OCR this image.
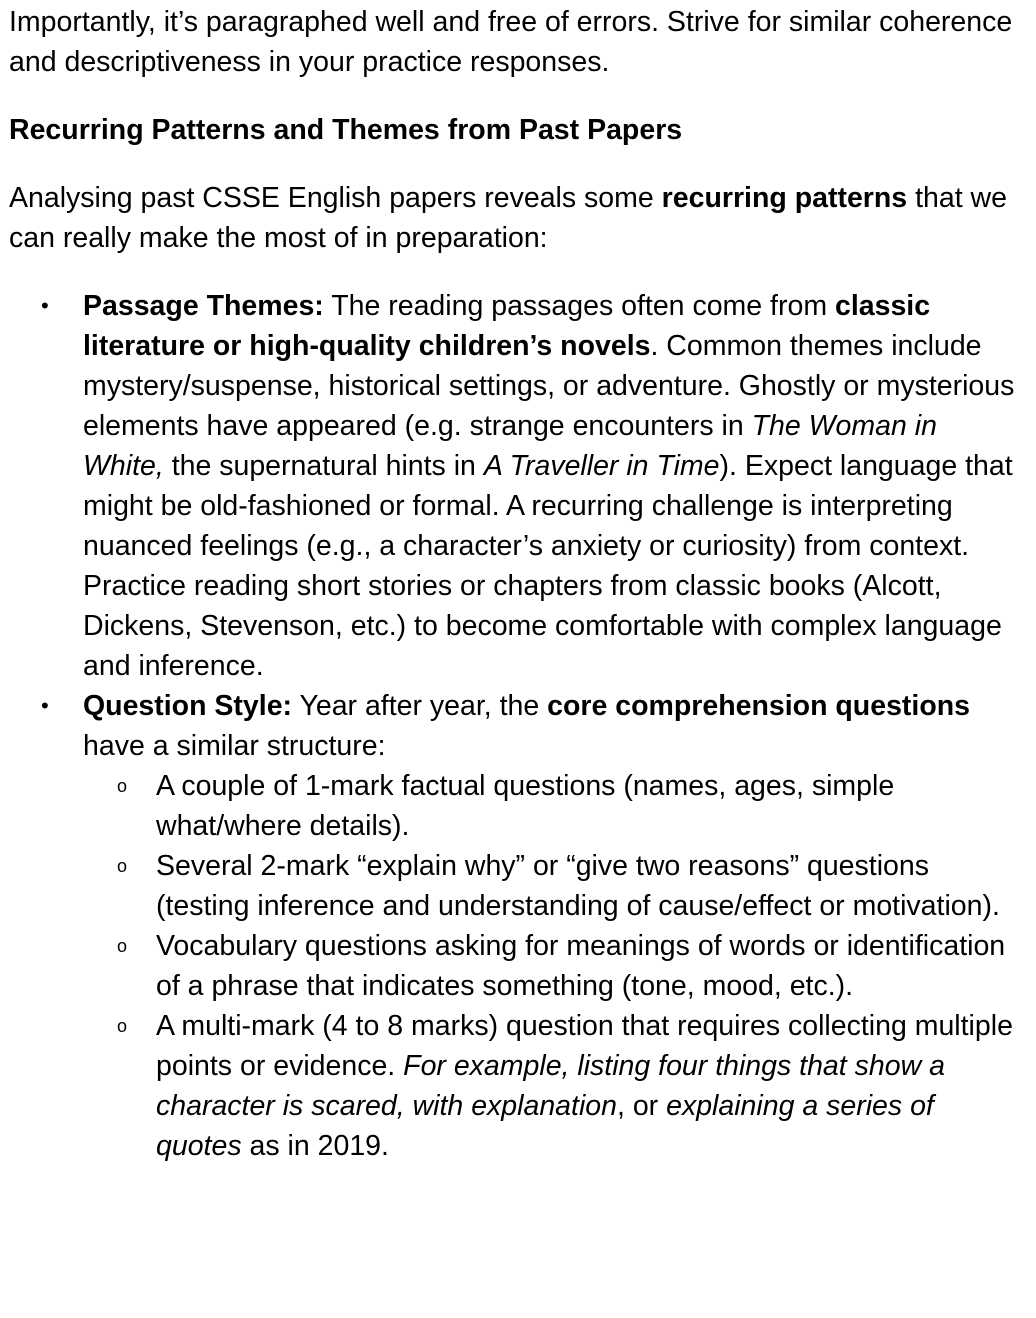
Importantly, it’s paragraphed well and free of errors. Strive for similar coherence and descriptiveness in your practice responses.

Recurring Patterns and Themes from Past Papers

Analysing past CSSE English papers reveals some recurring patterns that we can really make the most of in preparation:

• Passage Themes: The reading passages often come from classic literature or high-quality children’s novels. Common themes include mystery/suspense, historical settings, or adventure. Ghostly or mysterious elements have appeared (e.g. strange encounters in The Woman in White, the supernatural hints in A Traveller in Time). Expect language that might be old-fashioned or formal. A recurring challenge is interpreting nuanced feelings (e.g., a character’s anxiety or curiosity) from context. Practice reading short stories or chapters from classic books (Alcott, Dickens, Stevenson, etc.) to become comfortable with complex language and inference.
• Question Style: Year after year, the core comprehension questions have a similar structure:
o A couple of 1-mark factual questions (names, ages, simple what/where details).
o Several 2-mark “explain why” or “give two reasons” questions (testing inference and understanding of cause/effect or motivation).
o Vocabulary questions asking for meanings of words or identification of a phrase that indicates something (tone, mood, etc.).
o A multi-mark (4 to 8 marks) question that requires collecting multiple points or evidence. For example, listing four things that show a character is scared, with explanation, or explaining a series of quotes as in 2019.
